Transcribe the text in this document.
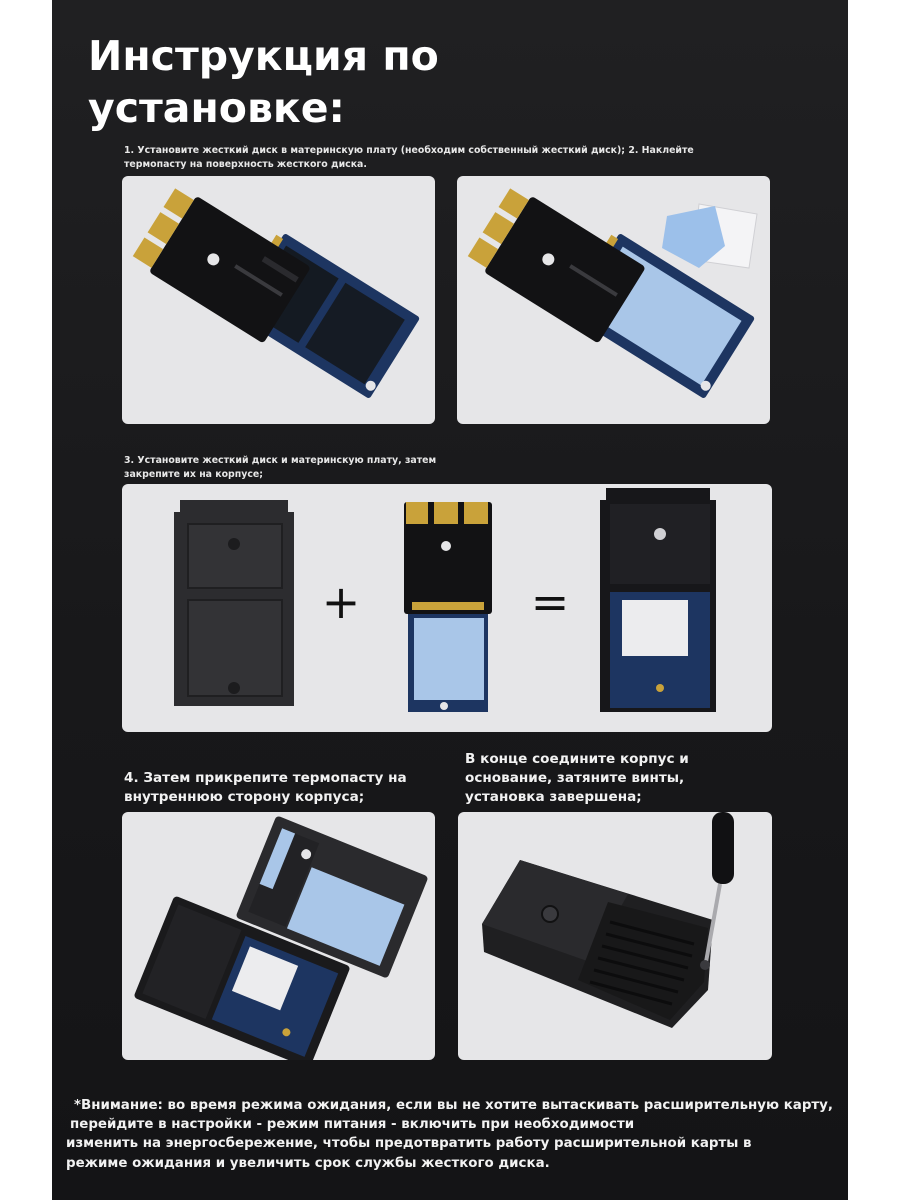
Инструкция по
установке:
1. Установите жесткий диск в материнскую плату (необходим собственный жесткий диск); 2. Наклейте
термопасту на поверхность жесткого диска.
3. Установите жесткий диск и материнскую плату, затем
закрепите их на корпусе;
+	=
4. Затем прикрепите термопасту на
внутреннюю сторону корпуса;
В конце соедините корпус и
основание, затяните винты,
установка завершена;
*Внимание: во время режима ожидания, если вы не хотите вытаскивать расширительную карту,
перейдите в настройки - режим питания - включить при необходимости
изменить на энергосбережение, чтобы предотвратить работу расширительной карты в
режиме ожидания и увеличить срок службы жесткого диска.
